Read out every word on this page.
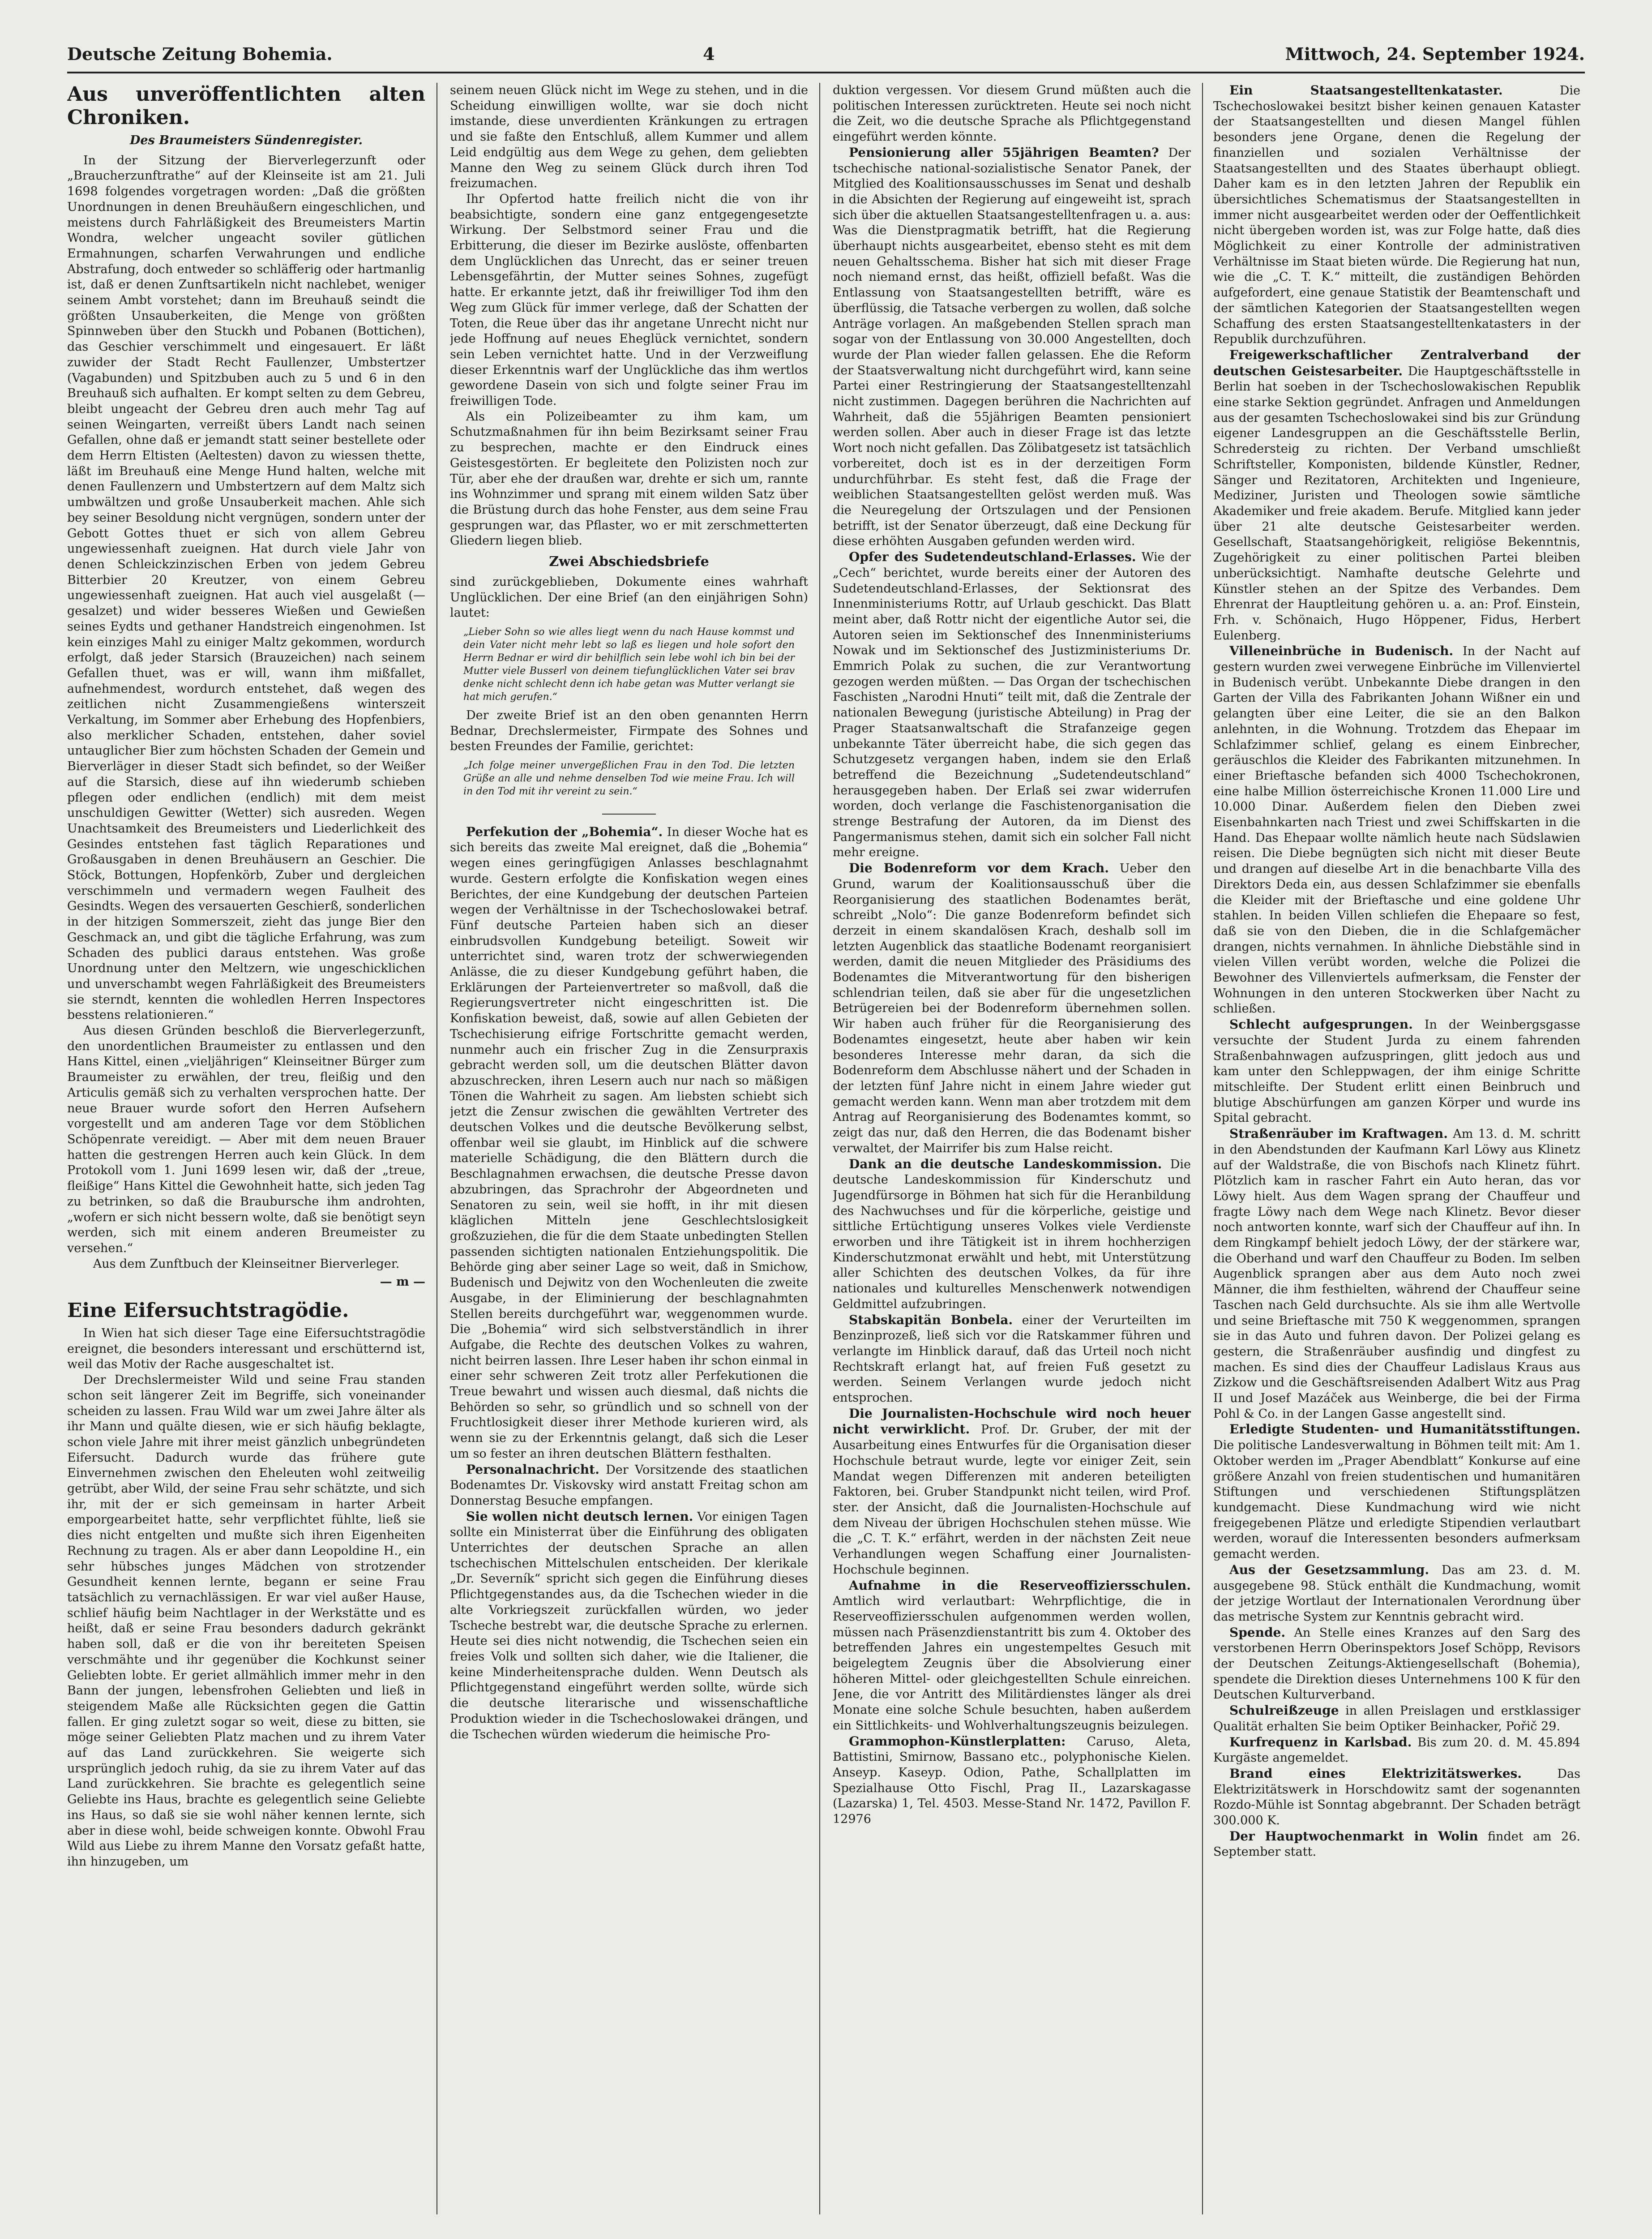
Deutsche Zeitung Bohemia.	4	Mittwoch, 24. September 1924.
Aus unveröffentlichten alten Chroniken.
Des Braumeisters Sündenregister.

In der Sitzung der Bierverlegerzunft oder „Braucherzunftrathe“ auf der Kleinseite ist am 21. Juli 1698 folgendes vorgetragen worden: „Daß die größten Unordnungen in denen Breuhäußern eingeschlichen, und meistens durch Fahrläßigkeit des Breumeisters Martin Wondra, welcher ungeacht soviler gütlichen Ermahnungen, scharfen Verwahrungen und endliche Abstrafung, doch entweder so schläfferig oder hartmanlig ist, daß er denen Zunftsartikeln nicht nachlebet, weniger seinem Ambt vorstehet; dann im Breuhauß seindt die größten Unsauberkeiten, die Menge von größten Spinnweben über den Stuckh und Pobanen (Bottichen), das Geschier verschimmelt und eingesauert. Er läßt zuwider der Stadt Recht Faullenzer, Umbstertzer (Vagabunden) und Spitzbuben auch zu 5 und 6 in den Breuhauß sich aufhalten. Er kompt selten zu dem Gebreu, bleibt ungeacht der Gebreu dren auch mehr Tag auf seinen Weingarten, verreißt übers Landt nach seinen Gefallen, ohne daß er jemandt statt seiner bestellete oder dem Herrn Eltisten (Aeltesten) davon zu wiessen thette, läßt im Breuhauß eine Menge Hund halten, welche mit denen Faullenzern und Umbstertzern auf dem Maltz sich umbwältzen und große Unsauberkeit machen. Ahle sich bey seiner Besoldung nicht vergnügen, sondern unter der Gebott Gottes thuet er sich von allem Gebreu ungewiessenhaft zueignen. Hat durch viele Jahr von denen Schleickzinzischen Erben von jedem Gebreu Bitterbier 20 Kreutzer, von einem Gebreu ungewiessenhaft zueignen. Hat auch viel ausgelaßt (— gesalzet) und wider besseres Wießen und Gewießen seines Eydts und gethaner Handstreich eingenohmen. Ist kein einziges Mahl zu einiger Maltz gekommen, wordurch erfolgt, daß jeder Starsich (Brauzeichen) nach seinem Gefallen thuet, was er will, wann ihm mißfallet, aufnehmendest, wordurch entstehet, daß wegen des zeitlichen nicht Zusammengießens winterszeit Verkaltung, im Sommer aber Erhebung des Hopfenbiers, also merklicher Schaden, entstehen, daher soviel untauglicher Bier zum höchsten Schaden der Gemein und Bierverläger in dieser Stadt sich befindet, so der Weißer auf die Starsich, diese auf ihn wiederumb schieben pflegen oder endlichen (endlich) mit dem meist unschuldigen Gewitter (Wetter) sich ausreden. Wegen Unachtsamkeit des Breumeisters und Liederlichkeit des Gesindes entstehen fast täglich Reparationes und Großausgaben in denen Breuhäusern an Geschier. Die Stöck, Bottungen, Hopfenkörb, Zuber und dergleichen verschimmeln und vermadern wegen Faulheit des Gesindts. Wegen des versauerten Geschierß, sonderlichen in der hitzigen Sommerszeit, zieht das junge Bier den Geschmack an, und gibt die tägliche Erfahrung, was zum Schaden des publici daraus entstehen. Was große Unordnung unter den Meltzern, wie ungeschicklichen und unverschambt wegen Fahrläßigkeit des Breumeisters sie sterndt, kennten die wohledlen Herren Inspectores besstens relationieren.“

Aus diesen Gründen beschloß die Bierverlegerzunft, den unordentlichen Braumeister zu entlassen und den Hans Kittel, einen „vieljährigen“ Kleinseitner Bürger zum Braumeister zu erwählen, der treu, fleißig und den Articulis gemäß sich zu verhalten versprochen hatte. Der neue Brauer wurde sofort den Herren Aufsehern vorgestellt und am anderen Tage vor dem Stöblichen Schöpenrate vereidigt. — Aber mit dem neuen Brauer hatten die gestrengen Herren auch kein Glück. In dem Protokoll vom 1. Juni 1699 lesen wir, daß der „treue, fleißige“ Hans Kittel die Gewohnheit hatte, sich jeden Tag zu betrinken, so daß die Braubursche ihm androhten, „wofern er sich nicht bessern wolte, daß sie benötigt seyn werden, sich mit einem anderen Breumeister zu versehen.“

Aus dem Zunftbuch der Kleinseitner Bierverleger.
— m —
Eine Eifersuchtstragödie.

In Wien hat sich dieser Tage eine Eifersuchtstragödie ereignet, die besonders interessant und erschütternd ist, weil das Motiv der Rache ausgeschaltet ist.

Der Drechslermeister Wild und seine Frau standen schon seit längerer Zeit im Begriffe, sich voneinander scheiden zu lassen. Frau Wild war um zwei Jahre älter als ihr Mann und quälte diesen, wie er sich häufig beklagte, schon viele Jahre mit ihrer meist gänzlich unbegründeten Eifersucht. Dadurch wurde das frühere gute Einvernehmen zwischen den Eheleuten wohl zeitweilig getrübt, aber Wild, der seine Frau sehr schätzte, und sich ihr, mit der er sich gemeinsam in harter Arbeit emporgearbeitet hatte, sehr verpflichtet fühlte, ließ sie dies nicht entgelten und mußte sich ihren Eigenheiten Rechnung zu tragen. Als er aber dann Leopoldine H., ein sehr hübsches junges Mädchen von strotzender Gesundheit kennen lernte, begann er seine Frau tatsächlich zu vernachlässigen. Er war viel außer Hause, schlief häufig beim Nachtlager in der Werkstätte und es heißt, daß er seine Frau besonders dadurch gekränkt haben soll, daß er die von ihr bereiteten Speisen verschmähte und ihr gegenüber die Kochkunst seiner Geliebten lobte. Er geriet allmählich immer mehr in den Bann der jungen, lebensfrohen Geliebten und ließ in steigendem Maße alle Rücksichten gegen die Gattin fallen. Er ging zuletzt sogar so weit, diese zu bitten, sie möge seiner Geliebten Platz machen und zu ihrem Vater auf das Land zurückkehren. Sie weigerte sich ursprünglich jedoch ruhig, da sie zu ihrem Vater auf das Land zurückkehren. Sie brachte es gelegentlich seine Geliebte ins Haus, brachte es gelegentlich seine Geliebte ins Haus, so daß sie sie wohl näher kennen lernte, sich aber in diese wohl, beide schweigen konnte. Obwohl Frau Wild aus Liebe zu ihrem Manne den Vorsatz gefaßt hatte, ihn hinzugeben, um

seinem neuen Glück nicht im Wege zu stehen, und in die Scheidung einwilligen wollte, war sie doch nicht imstande, diese unverdienten Kränkungen zu ertragen und sie faßte den Entschluß, allem Kummer und allem Leid endgültig aus dem Wege zu gehen, dem geliebten Manne den Weg zu seinem Glück durch ihren Tod freizumachen.

Ihr Opfertod hatte freilich nicht die von ihr beabsichtigte, sondern eine ganz entgegengesetzte Wirkung. Der Selbstmord seiner Frau und die Erbitterung, die dieser im Bezirke auslöste, offenbarten dem Unglücklichen das Unrecht, das er seiner treuen Lebensgefährtin, der Mutter seines Sohnes, zugefügt hatte. Er erkannte jetzt, daß ihr freiwilliger Tod ihm den Weg zum Glück für immer verlege, daß der Schatten der Toten, die Reue über das ihr angetane Unrecht nicht nur jede Hoffnung auf neues Eheglück vernichtet, sondern sein Leben vernichtet hatte. Und in der Verzweiflung dieser Erkenntnis warf der Unglückliche das ihm wertlos gewordene Dasein von sich und folgte seiner Frau im freiwilligen Tode.

Als ein Polizeibeamter zu ihm kam, um Schutzmaßnahmen für ihn beim Bezirksamt seiner Frau zu besprechen, machte er den Eindruck eines Geistesgestörten. Er begleitete den Polizisten noch zur Tür, aber ehe der draußen war, drehte er sich um, rannte ins Wohnzimmer und sprang mit einem wilden Satz über die Brüstung durch das hohe Fenster, aus dem seine Frau gesprungen war, das Pflaster, wo er mit zerschmetterten Gliedern liegen blieb.

Zwei Abschiedsbriefe

sind zurückgeblieben, Dokumente eines wahrhaft Unglücklichen. Der eine Brief (an den einjährigen Sohn) lautet:

„Lieber Sohn so wie alles liegt wenn du nach Hause kommst und dein Vater nicht mehr lebt so laß es liegen und hole sofort den Herrn Bednar er wird dir behilflich sein lebe wohl ich bin bei der Mutter viele Busserl von deinem tiefunglücklichen Vater sei brav denke nicht schlecht denn ich habe getan was Mutter verlangt sie hat mich gerufen.“

Der zweite Brief ist an den oben genannten Herrn Bednar, Drechslermeister, Firmpate des Sohnes und besten Freundes der Familie, gerichtet:

„Ich folge meiner unvergeßlichen Frau in den Tod. Die letzten Grüße an alle und nehme denselben Tod wie meine Frau. Ich will in den Tod mit ihr vereint zu sein.“

Perfekution der „Bohemia“. In dieser Woche hat es sich bereits das zweite Mal ereignet, daß die „Bohemia“ wegen eines geringfügigen Anlasses beschlagnahmt wurde. Gestern erfolgte die Konfiskation wegen eines Berichtes, der eine Kundgebung der deutschen Parteien wegen der Verhältnisse in der Tschechoslowakei betraf. Fünf deutsche Parteien haben sich an dieser einbrudsvollen Kundgebung beteiligt. Soweit wir unterrichtet sind, waren trotz der schwerwiegenden Anlässe, die zu dieser Kundgebung geführt haben, die Erklärungen der Parteienvertreter so maßvoll, daß die Regierungsvertreter nicht eingeschritten ist. Die Konfiskation beweist, daß, sowie auf allen Gebieten der Tschechisierung eifrige Fortschritte gemacht werden, nunmehr auch ein frischer Zug in die Zensurpraxis gebracht werden soll, um die deutschen Blätter davon abzuschrecken, ihren Lesern auch nur nach so mäßigen Tönen die Wahrheit zu sagen. Am liebsten schiebt sich jetzt die Zensur zwischen die gewählten Vertreter des deutschen Volkes und die deutsche Bevölkerung selbst, offenbar weil sie glaubt, im Hinblick auf die schwere materielle Schädigung, die den Blättern durch die Beschlagnahmen erwachsen, die deutsche Presse davon abzubringen, das Sprachrohr der Abgeordneten und Senatoren zu sein, weil sie hofft, in ihr mit diesen kläglichen Mitteln jene Geschlechtslosigkeit großzuziehen, die für die dem Staate unbedingten Stellen passenden sichtigten nationalen Entziehungspolitik. Die Behörde ging aber seiner Lage so weit, daß in Smichow, Budenisch und Dejwitz von den Wochenleuten die zweite Ausgabe, in der Eliminierung der beschlagnahmten Stellen bereits durchgeführt war, weggenommen wurde. Die „Bohemia“ wird sich selbstverständlich in ihrer Aufgabe, die Rechte des deutschen Volkes zu wahren, nicht beirren lassen. Ihre Leser haben ihr schon einmal in einer sehr schweren Zeit trotz aller Perfekutionen die Treue bewahrt und wissen auch diesmal, daß nichts die Behörden so sehr, so gründlich und so schnell von der Fruchtlosigkeit dieser ihrer Methode kurieren wird, als wenn sie zu der Erkenntnis gelangt, daß sich die Leser um so fester an ihren deutschen Blättern festhalten.

Personalnachricht. Der Vorsitzende des staatlichen Bodenamtes Dr. Viskovsky wird anstatt Freitag schon am Donnerstag Besuche empfangen.

Sie wollen nicht deutsch lernen. Vor einigen Tagen sollte ein Ministerrat über die Einführung des obligaten Unterrichtes der deutschen Sprache an allen tschechischen Mittelschulen entscheiden. Der klerikale „Dr. Severník“ spricht sich gegen die Einführung dieses Pflichtgegenstandes aus, da die Tschechen wieder in die alte Vorkriegszeit zurückfallen würden, wo jeder Tscheche bestrebt war, die deutsche Sprache zu erlernen. Heute sei dies nicht notwendig, die Tschechen seien ein freies Volk und sollten sich daher, wie die Italiener, die keine Minderheitensprache dulden. Wenn Deutsch als Pflichtgegenstand eingeführt werden sollte, würde sich die deutsche literarische und wissenschaftliche Produktion wieder in die Tschechoslowakei drängen, und die Tschechen würden wiederum die heimische Pro-

duktion vergessen. Vor diesem Grund müßten auch die politischen Interessen zurücktreten. Heute sei noch nicht die Zeit, wo die deutsche Sprache als Pflichtgegenstand eingeführt werden könnte.

Pensionierung aller 55jährigen Beamten? Der tschechische national-sozialistische Senator Panek, der Mitglied des Koalitionsausschusses im Senat und deshalb in die Absichten der Regierung auf eingeweiht ist, sprach sich über die aktuellen Staatsangestelltenfragen u. a. aus: Was die Dienstpragmatik betrifft, hat die Regierung überhaupt nichts ausgearbeitet, ebenso steht es mit dem neuen Gehaltsschema. Bisher hat sich mit dieser Frage noch niemand ernst, das heißt, offiziell befaßt. Was die Entlassung von Staatsangestellten betrifft, wäre es überflüssig, die Tatsache verbergen zu wollen, daß solche Anträge vorlagen. An maßgebenden Stellen sprach man sogar von der Entlassung von 30.000 Angestellten, doch wurde der Plan wieder fallen gelassen. Ehe die Reform der Staatsverwaltung nicht durchgeführt wird, kann seine Partei einer Restringierung der Staatsangestelltenzahl nicht zustimmen. Dagegen berühren die Nachrichten auf Wahrheit, daß die 55jährigen Beamten pensioniert werden sollen. Aber auch in dieser Frage ist das letzte Wort noch nicht gefallen. Das Zölibatgesetz ist tatsächlich vorbereitet, doch ist es in der derzeitigen Form undurchführbar. Es steht fest, daß die Frage der weiblichen Staatsangestellten gelöst werden muß. Was die Neuregelung der Ortszulagen und der Pensionen betrifft, ist der Senator überzeugt, daß eine Deckung für diese erhöhten Ausgaben gefunden werden wird.

Opfer des Sudetendeutschland-Erlasses. Wie der „Cech“ berichtet, wurde bereits einer der Autoren des Sudetendeutschland-Erlasses, der Sektionsrat des Innenministeriums Rottr, auf Urlaub geschickt. Das Blatt meint aber, daß Rottr nicht der eigentliche Autor sei, die Autoren seien im Sektionschef des Innenministeriums Nowak und im Sektionschef des Justizministeriums Dr. Emmrich Polak zu suchen, die zur Verantwortung gezogen werden müßten. — Das Organ der tschechischen Faschisten „Narodni Hnuti“ teilt mit, daß die Zentrale der nationalen Bewegung (juristische Abteilung) in Prag der Prager Staatsanwaltschaft die Strafanzeige gegen unbekannte Täter überreicht habe, die sich gegen das Schutzgesetz vergangen haben, indem sie den Erlaß betreffend die Bezeichnung „Sudetendeutschland“ herausgegeben haben. Der Erlaß sei zwar widerrufen worden, doch verlange die Faschistenorganisation die strenge Bestrafung der Autoren, da im Dienst des Pangermanismus stehen, damit sich ein solcher Fall nicht mehr ereigne.

Die Bodenreform vor dem Krach. Ueber den Grund, warum der Koalitionsausschuß über die Reorganisierung des staatlichen Bodenamtes berät, schreibt „Nolo“: Die ganze Bodenreform befindet sich derzeit in einem skandalösen Krach, deshalb soll im letzten Augenblick das staatliche Bodenamt reorganisiert werden, damit die neuen Mitglieder des Präsidiums des Bodenamtes die Mitverantwortung für den bisherigen schlendrian teilen, daß sie aber für die ungesetzlichen Betrügereien bei der Bodenreform übernehmen sollen. Wir haben auch früher für die Reorganisierung des Bodenamtes eingesetzt, heute aber haben wir kein besonderes Interesse mehr daran, da sich die Bodenreform dem Abschlusse nähert und der Schaden in der letzten fünf Jahre nicht in einem Jahre wieder gut gemacht werden kann. Wenn man aber trotzdem mit dem Antrag auf Reorganisierung des Bodenamtes kommt, so zeigt das nur, daß den Herren, die das Bodenamt bisher verwaltet, der Mairrifer bis zum Halse reicht.

Dank an die deutsche Landeskommission. Die deutsche Landeskommission für Kinderschutz und Jugendfürsorge in Böhmen hat sich für die Heranbildung des Nachwuchses und für die körperliche, geistige und sittliche Ertüchtigung unseres Volkes viele Verdienste erworben und ihre Tätigkeit ist in ihrem hochherzigen Kinderschutzmonat erwählt und hebt, mit Unterstützung aller Schichten des deutschen Volkes, da für ihre nationales und kulturelles Menschenwerk notwendigen Geldmittel aufzubringen.

Stabskapitän Bonbela. einer der Verurteilten im Benzinprozeß, ließ sich vor die Ratskammer führen und verlangte im Hinblick darauf, daß das Urteil noch nicht Rechtskraft erlangt hat, auf freien Fuß gesetzt zu werden. Seinem Verlangen wurde jedoch nicht entsprochen.

Die Journalisten-Hochschule wird noch heuer nicht verwirklicht. Prof. Dr. Gruber, der mit der Ausarbeitung eines Entwurfes für die Organisation dieser Hochschule betraut wurde, legte vor einiger Zeit, sein Mandat wegen Differenzen mit anderen beteiligten Faktoren, bei. Gruber Standpunkt nicht teilen, wird Prof. ster. der Ansicht, daß die Journalisten-Hochschule auf dem Niveau der übrigen Hochschulen stehen müsse. Wie die „C. T. K.“ erfährt, werden in der nächsten Zeit neue Verhandlungen wegen Schaffung einer Journalisten-Hochschule beginnen.

Aufnahme in die Reserveoffiziersschulen. Amtlich wird verlautbart: Wehrpflichtige, die in Reserveoffiziersschulen aufgenommen werden wollen, müssen nach Präsenzdienstantritt bis zum 4. Oktober des betreffenden Jahres ein ungestempeltes Gesuch mit beigelegtem Zeugnis über die Absolvierung einer höheren Mittel- oder gleichgestellten Schule einreichen. Jene, die vor Antritt des Militärdienstes länger als drei Monate eine solche Schule besuchten, haben außerdem ein Sittlichkeits- und Wohlverhaltungszeugnis beizulegen.

Grammophon-Künstlerplatten: Caruso, Aleta, Battistini, Smirnow, Bassano etc., polyphonische Kielen. Anseyp. Kaseyp. Odion, Pathe, Schallplatten im Spezialhause Otto Fischl, Prag II., Lazarskagasse (Lazarska) 1, Tel. 4503. Messe-Stand Nr. 1472, Pavillon F. 12976

Ein Staatsangestelltenkataster.	Die Tschechoslowakei besitzt bisher keinen genauen Kataster der Staatsangestellten und diesen Mangel fühlen besonders jene Organe, denen die Regelung der finanziellen und sozialen Verhältnisse der Staatsangestellten und des Staates überhaupt obliegt. Daher kam es in den letzten Jahren der Republik ein übersichtliches Schematismus der Staatsangestellten in immer nicht ausgearbeitet werden oder der Oeffentlichkeit nicht übergeben worden ist, was zur Folge hatte, daß dies Möglichkeit zu einer Kontrolle der administrativen Verhältnisse im Staat bieten würde. Die Regierung hat nun, wie die „C. T. K.“ mitteilt, die zuständigen Behörden aufgefordert, eine genaue Statistik der Beamtenschaft und der sämtlichen Kategorien der Staatsangestellten wegen Schaffung des ersten Staatsangestelltenkatasters in der Republik durchzuführen.

Freigewerkschaftlicher Zentralverband der deutschen Geistesarbeiter. Die Hauptgeschäftsstelle in Berlin hat soeben in der Tschechoslowakischen Republik eine starke Sektion gegründet. Anfragen und Anmeldungen aus der gesamten Tschechoslowakei sind bis zur Gründung eigener Landesgruppen an die Geschäftsstelle Berlin, Schredersteig zu richten. Der Verband umschließt Schriftsteller, Komponisten, bildende Künstler, Redner, Sänger und Rezitatoren, Architekten und Ingenieure, Mediziner, Juristen und Theologen sowie sämtliche Akademiker und freie akadem. Berufe. Mitglied kann jeder über 21 alte deutsche Geistesarbeiter werden. Gesellschaft, Staatsangehörigkeit, religiöse Bekenntnis, Zugehörigkeit zu einer politischen Partei bleiben unberücksichtigt. Namhafte deutsche Gelehrte und Künstler stehen an der Spitze des Verbandes. Dem Ehrenrat der Hauptleitung gehören u. a. an: Prof. Einstein, Frh. v. Schönaich, Hugo Höppener, Fidus, Herbert Eulenberg.

Villeneinbrüche in Budenisch. In der Nacht auf gestern wurden zwei verwegene Einbrüche im Villenviertel in Budenisch verübt. Unbekannte Diebe drangen in den Garten der Villa des Fabrikanten Johann Wißner ein und gelangten über eine Leiter, die sie an den Balkon anlehnten, in die Wohnung. Trotzdem das Ehepaar im Schlafzimmer schlief, gelang es einem Einbrecher, geräuschlos die Kleider des Fabrikanten mitzunehmen. In einer Brieftasche befanden sich 4000 Tschechokronen, eine halbe Million österreichische Kronen 11.000 Lire und 10.000 Dinar. Außerdem fielen den Dieben zwei Eisenbahnkarten nach Triest und zwei Schiffskarten in die Hand. Das Ehepaar wollte nämlich heute nach Südslawien reisen. Die Diebe begnügten sich nicht mit dieser Beute und drangen auf dieselbe Art in die benachbarte Villa des Direktors Deda ein, aus dessen Schlafzimmer sie ebenfalls die Kleider mit der Brieftasche und eine goldene Uhr stahlen. In beiden Villen schliefen die Ehepaare so fest, daß sie von den Dieben, die in die Schlafgemächer drangen, nichts vernahmen. In ähnliche Diebstähle sind in vielen Villen verübt worden, welche die Polizei die Bewohner des Villenviertels aufmerksam, die Fenster der Wohnungen in den unteren Stockwerken über Nacht zu schließen.

Schlecht aufgesprungen. In der Weinbergsgasse versuchte der Student Jurda zu einem fahrenden Straßenbahnwagen aufzuspringen, glitt jedoch aus und kam unter den Schleppwagen, der ihm einige Schritte mitschleifte. Der Student erlitt einen Beinbruch und blutige Abschürfungen am ganzen Körper und wurde ins Spital gebracht.

Straßenräuber im Kraftwagen. Am 13. d. M. schritt in den Abendstunden der Kaufmann Karl Löwy aus Klinetz auf der Waldstraße, die von Bischofs nach Klinetz führt. Plötzlich kam in rascher Fahrt ein Auto heran, das vor Löwy hielt. Aus dem Wagen sprang der Chauffeur und fragte Löwy nach dem Wege nach Klinetz. Bevor dieser noch antworten konnte, warf sich der Chauffeur auf ihn. In dem Ringkampf behielt jedoch Löwy, der der stärkere war, die Oberhand und warf den Chauffeur zu Boden. Im selben Augenblick sprangen aber aus dem Auto noch zwei Männer, die ihm festhielten, während der Chauffeur seine Taschen nach Geld durchsuchte. Als sie ihm alle Wertvolle und seine Brieftasche mit 750 K weggenommen, sprangen sie in das Auto und fuhren davon. Der Polizei gelang es gestern, die Straßenräuber ausfindig und dingfest zu machen. Es sind dies der Chauffeur Ladislaus Kraus aus Zizkow und die Geschäftsreisenden Adalbert Witz aus Prag II und Josef Mazáček aus Weinberge, die bei der Firma Pohl & Co. in der Langen Gasse angestellt sind.

Erledigte Studenten- und Humanitätsstiftungen. Die politische Landesverwaltung in Böhmen teilt mit: Am 1. Oktober werden im „Prager Abendblatt“ Konkurse auf eine größere Anzahl von freien studentischen und humanitären Stiftungen und verschiedenen Stiftungsplätzen kundgemacht. Diese Kundmachung wird wie nicht freigegebenen Plätze und erledigte Stipendien verlautbart werden, worauf die Interessenten besonders aufmerksam gemacht werden.

Aus der Gesetzsammlung. Das am 23. d. M. ausgegebene 98. Stück enthält die Kundmachung, womit der jetzige Wortlaut der Internationalen Verordnung über das metrische System zur Kenntnis gebracht wird.

Spende. An Stelle eines Kranzes auf den Sarg des verstorbenen Herrn Oberinspektors Josef Schöpp, Revisors der Deutschen Zeitungs-Aktiengesellschaft (Bohemia), spendete die Direktion dieses Unternehmens 100 K für den Deutschen Kulturverband.

Schulreißzeuge in allen Preislagen und erstklassiger Qualität erhalten Sie beim Optiker Beinhacker, Pořič 29.

Kurfrequenz in Karlsbad. Bis zum 20. d. M. 45.894 Kurgäste angemeldet.

Brand eines Elektrizitätswerkes.	Das Elektrizitätswerk in Horschdowitz samt der sogenannten Rozdo-Mühle ist Sonntag abgebrannt. Der Schaden beträgt 300.000 K.

Der Hauptwochenmarkt in Wolin findet am 26. September statt.
